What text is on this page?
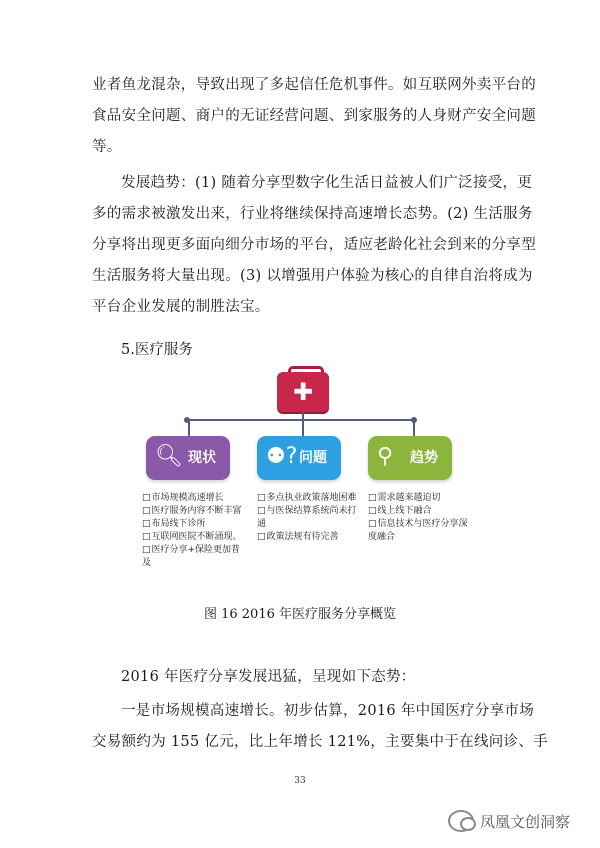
业者鱼龙混杂，导致出现了多起信任危机事件。如互联网外卖平台的
食品安全问题、商户的无证经营问题、到家服务的人身财产安全问题
等。
发展趋势：(1) 随着分享型数字化生活日益被人们广泛接受，更
多的需求被激发出来，行业将继续保持高速增长态势。(2) 生活服务
分享将出现更多面向细分市场的平台，适应老龄化社会到来的分享型
生活服务将大量出现。(3) 以增强用户体验为核心的自律自治将成为
平台企业发展的制胜法宝。
5.医疗服务
✚
🔍︎ 现状 ⚉? 问题 ⚲ 趋势
□ 市场规模高速增长
□ 医疗服务内容不断丰富
□ 布局线下诊所
□ 互联网医院不断涌现。
□ 医疗分享+保险更加普及
□ 多点执业政策落地困难
□ 与医保结算系统尚未打通
□ 政策法规有待完善
□ 需求越来越迫切
□ 线上线下融合
□ 信息技术与医疗分享深度融合
图 16 2016 年医疗服务分享概览
2016 年医疗分享发展迅猛，呈现如下态势：
一是市场规模高速增长。初步估算，2016 年中国医疗分享市场
交易额约为 155 亿元，比上年增长 121%，主要集中于在线问诊、手
33
凤凰文创洞察
